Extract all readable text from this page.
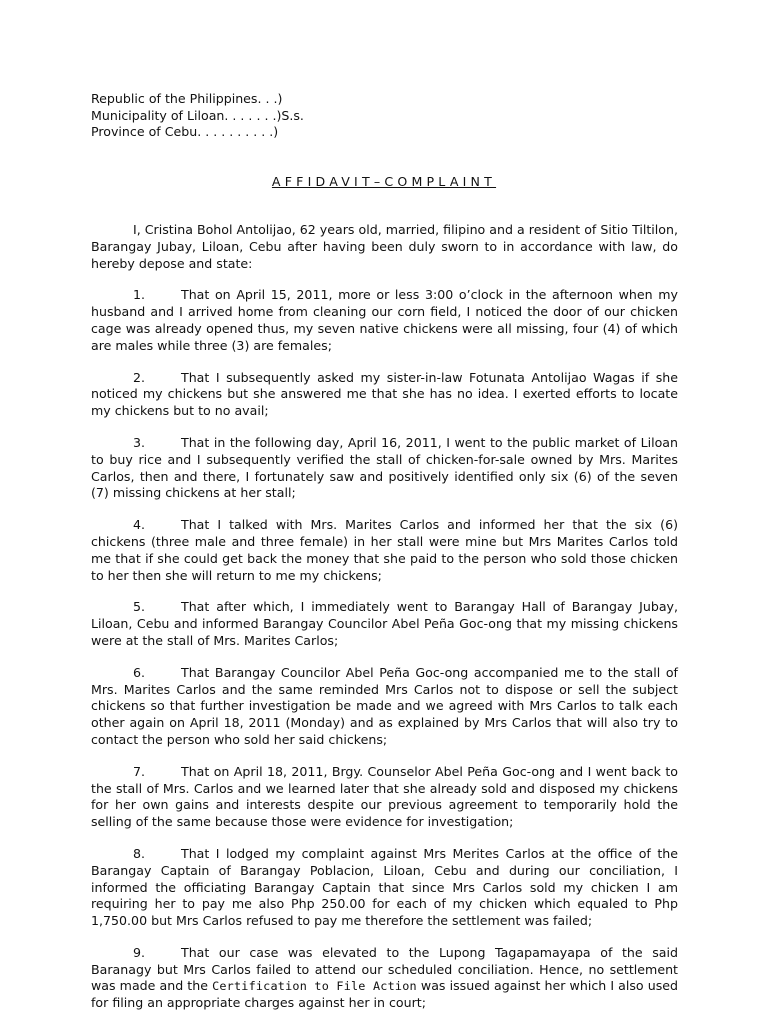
Republic of the Philippines. . .)
Municipality of Liloan. . . . . . .)S.s.
Province of Cebu. . . . . . . . . .)
AFFIDAVIT–COMPLAINT

I, Cristina Bohol Antolijao, 62 years old, married, filipino and a resident of Sitio Tiltilon, Barangay Jubay, Liloan, Cebu after having been duly sworn to in accordance with law, do hereby depose and state:

1.	That on April 15, 2011, more or less 3:00 o’clock in the afternoon when my husband and I arrived home from cleaning our corn field, I noticed the door of our chicken cage was already opened thus, my seven native chickens were all missing, four (4) of which are males while three (3) are females;

2.	That I subsequently asked my sister-in-law Fotunata Antolijao Wagas if she noticed my chickens but she answered me that she has no idea. I exerted efforts to locate my chickens but to no avail;

3.	That in the following day, April 16, 2011, I went to the public market of Liloan to buy rice and I subsequently verified the stall of chicken-for-sale owned by Mrs. Marites Carlos, then and there, I fortunately saw and positively identified only six (6) of the seven (7) missing chickens at her stall;

4.	That I talked with Mrs. Marites Carlos and informed her that the six (6) chickens (three male and three female) in her stall were mine but Mrs Marites Carlos told me that if she could get back the money that she paid to the person who sold those chicken to her then she will return to me my chickens;

5.	That after which, I immediately went to Barangay Hall of Barangay Jubay, Liloan, Cebu and informed Barangay Councilor Abel Peña Goc-ong that my missing chickens were at the stall of Mrs. Marites Carlos;

6.	That Barangay Councilor Abel Peña Goc-ong accompanied me to the stall of Mrs. Marites Carlos and the same reminded Mrs Carlos not to dispose or sell the subject chickens so that further investigation be made and we agreed with Mrs Carlos to talk each other again on April 18, 2011 (Monday) and as explained by Mrs Carlos that will also try to contact the person who sold her said chickens;

7.	That on April 18, 2011, Brgy. Counselor Abel Peña Goc-ong and I went back to the stall of Mrs. Carlos and we learned later that she already sold and disposed my chickens for her own gains and interests despite our previous agreement to temporarily hold the selling of the same because those were evidence for investigation;

8.	That I lodged my complaint against Mrs Merites Carlos at the office of the Barangay Captain of Barangay Poblacion, Liloan, Cebu and during our conciliation, I informed the officiating Barangay Captain that since Mrs Carlos sold my chicken I am requiring her to pay me also Php 250.00 for each of my chicken which equaled to Php 1,750.00 but Mrs Carlos refused to pay me therefore the settlement was failed;

9.	That our case was elevated to the Lupong Tagapamayapa of the said Baranagy but Mrs Carlos failed to attend our scheduled conciliation. Hence, no settlement was made and the Certification to File Action was issued against her which I also used for filing an appropriate charges against her in court;
